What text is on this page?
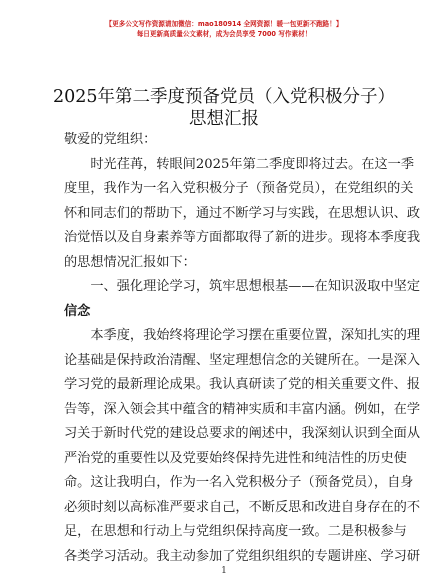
【更多公文写作资源请加微信：mao180914 全网资源！暖一包更新不跑路！】
每日更新高质量公文素材，成为会员享受 7000 写作素材！
2025年第二季度预备党员（入党积极分子）思想汇报
敬爱的党组织：
　　时光荏苒，转眼间2025年第二季度即将过去。在这一季
度里，我作为一名入党积极分子（预备党员），在党组织的关
怀和同志们的帮助下，通过不断学习与实践，在思想认识、政
治觉悟以及自身素养等方面都取得了新的进步。现将本季度我
的思想情况汇报如下：
　　一、强化理论学习，筑牢思想根基——在知识汲取中坚定
信念
　　本季度，我始终将理论学习摆在重要位置，深知扎实的理
论基础是保持政治清醒、坚定理想信念的关键所在。一是深入
学习党的最新理论成果。我认真研读了党的相关重要文件、报
告等，深入领会其中蕴含的精神实质和丰富内涵。例如，在学
习关于新时代党的建设总要求的阐述中，我深刻认识到全面从
严治党的重要性以及党要始终保持先进性和纯洁性的历史使
命。这让我明白，作为一名入党积极分子（预备党员），自身
必须时刻以高标准严要求自己，不断反思和改进自身存在的不
足，在思想和行动上与党组织保持高度一致。二是积极参与
各类学习活动。我主动参加了党组织组织的专题讲座、学习研
1
